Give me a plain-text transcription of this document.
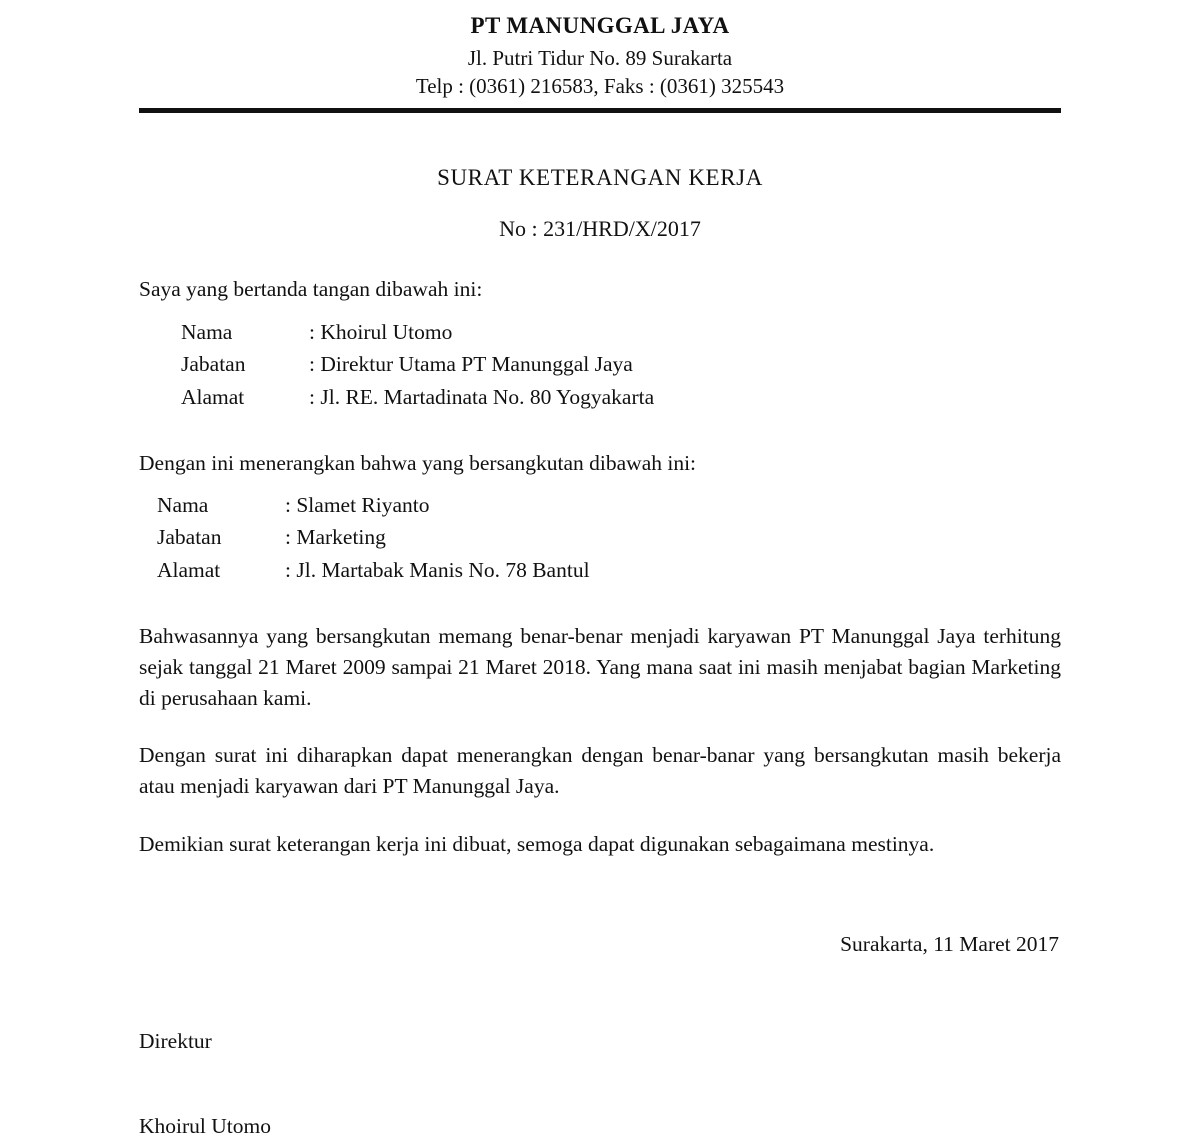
PT MANUNGGAL JAYA
Jl. Putri Tidur No. 89 Surakarta
Telp : (0361) 216583, Faks : (0361) 325543
SURAT KETERANGAN KERJA
No : 231/HRD/X/2017
Saya yang bertanda tangan dibawah ini:
Nama	: Khoirul Utomo
Jabatan	: Direktur Utama PT Manunggal Jaya
Alamat	: Jl. RE. Martadinata No. 80 Yogyakarta
Dengan ini menerangkan bahwa yang bersangkutan dibawah ini:
Nama	: Slamet Riyanto
Jabatan	: Marketing
Alamat	: Jl. Martabak Manis No. 78 Bantul
Bahwasannya yang bersangkutan memang benar-benar menjadi karyawan PT Manunggal Jaya terhitung sejak tanggal 21 Maret 2009 sampai 21 Maret 2018. Yang mana saat ini masih menjabat bagian Marketing di perusahaan kami.
Dengan surat ini diharapkan dapat menerangkan dengan benar-banar yang bersangkutan masih bekerja atau menjadi karyawan dari PT Manunggal Jaya.
Demikian surat keterangan kerja ini dibuat, semoga dapat digunakan sebagaimana mestinya.
Surakarta, 11 Maret 2017
Direktur
Khoirul Utomo
